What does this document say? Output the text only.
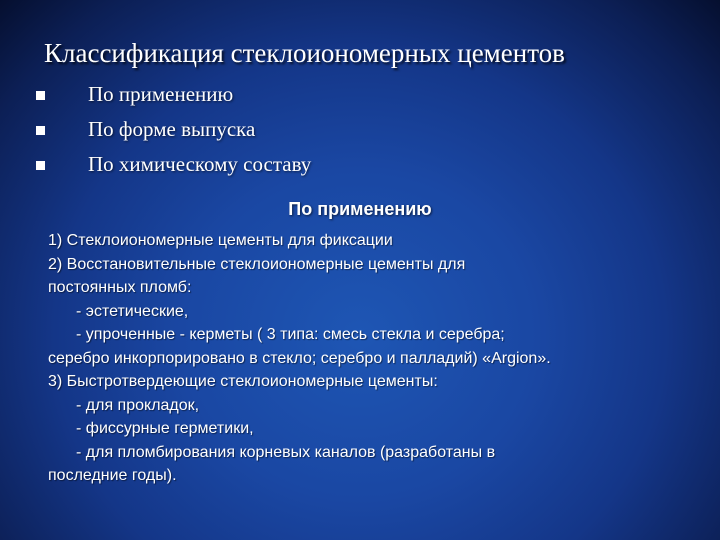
Классификация стеклоиономерных цементов
По применению
По форме выпуска
По химическому составу
По применению
1) Стеклоиономерные цементы для фиксации
2) Восстановительные стеклоиономерные цементы для
постоянных пломб:
- эстетические,
- упроченные - керметы ( 3 типа: смесь стекла и серебра;
серебро инкорпорировано в стекло; серебро и палладий) «Argion».
3) Быстротвердеющие стеклоиономерные цементы:
- для прокладок,
- фиссурные герметики,
- для пломбирования корневых каналов (разработаны в
последние годы).
